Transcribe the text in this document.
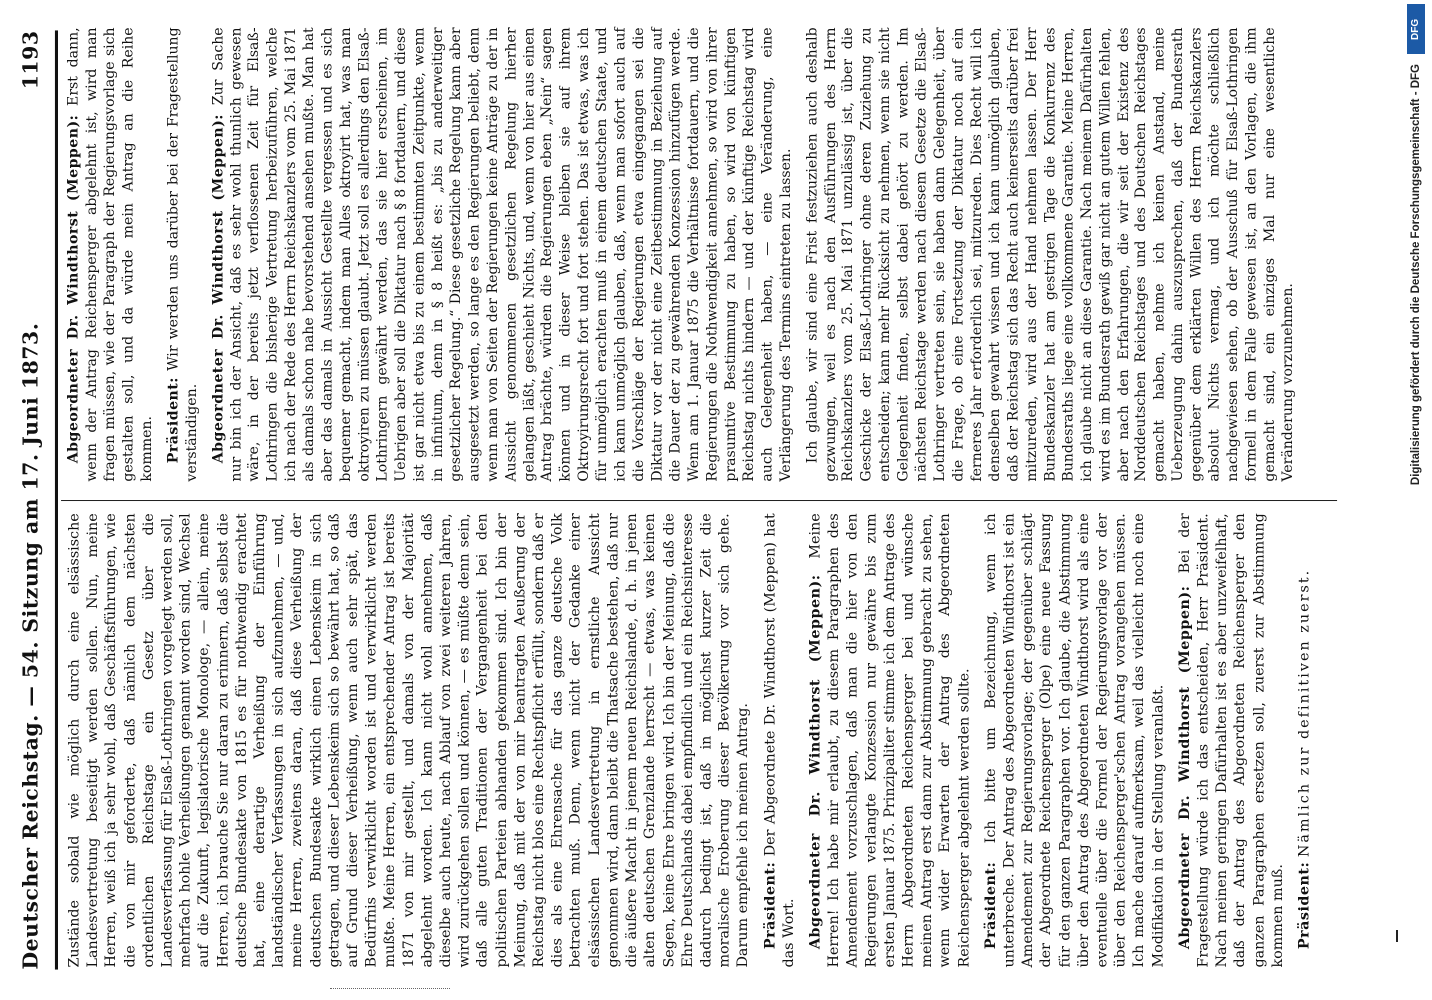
Deutscher Reichstag. — 54.
Sitzung am 17. Juni 1873.
1193

Zustände sobald wie möglich durch eine elsässische Landesvertretung beseitigt werden sollen. Nun, meine Herren, weiß ich ja sehr wohl, daß Geschäftsführungen, wie die von mir geforderte, daß nämlich dem nächsten ordentlichen Reichstage ein Gesetz über die Landesverfassung für Elsaß-Lothringen vorgelegt werden soll, mehrfach hohle Verheißungen genannt worden sind, Wechsel auf die Zukunft, legislatorische Monologe, — allein, meine Herren, ich brauche Sie nur daran zu erinnern, daß selbst die deutsche Bundesakte von 1815 es für nothwendig erachtet hat, eine derartige Verheißung der Einführung landständischer Verfassungen in sich aufzunehmen, — und, meine Herren, zweitens daran, daß diese Verheißung der deutschen Bundesakte wirklich einen Lebenskeim in sich getragen, und dieser Lebenskeim sich so bewährt hat, so daß auf Grund dieser Verheißung, wenn auch sehr spät, das Bedürfnis verwirklicht worden ist und verwirklicht werden mußte. Meine Herren, ein entsprechender Antrag ist bereits 1871 von mir gestellt, und damals von der Majorität abgelehnt worden. Ich kann nicht wohl annehmen, daß dieselbe auch heute, nach Ablauf von zwei weiteren Jahren, wird zurückgehen sollen und können, — es müßte denn sein, daß alle guten Traditionen der Vergangenheit bei den politischen Parteien abhanden gekommen sind. Ich bin der Meinung, daß mit der von mir beantragten Aeußerung der Reichstag nicht blos eine Rechtspflicht erfüllt, sondern daß er dies als eine Ehrensache für das ganze deutsche Volk betrachten muß. Denn, wenn nicht der Gedanke einer elsässischen Landesvertretung in ernstliche Aussicht genommen wird, dann bleibt die Thatsache bestehen, daß nur die äußere Macht in jenem neuen Reichslande, d. h. in jenen alten deutschen Grenzlande herrscht — etwas, was keinen Segen, keine Ehre bringen wird. Ich bin der Meinung, daß die Ehre Deutschlands dabei empfindlich und ein Reichsinteresse dadurch bedingt ist, daß in möglichst kurzer Zeit die moralische Eroberung dieser Bevölkerung vor sich gehe. Darum empfehle ich meinen Antrag. Präsident: Der Abgeordnete Dr. Windthorst (Meppen) hat das Wort. Abgeordneter Dr. Windthorst (Meppen): Meine Herren! Ich habe mir erlaubt, zu diesem Paragraphen des Amendement vorzuschlagen, daß man die hier von den Regierungen verlangte Konzession nur gewähre bis zum ersten Januar 1875. Prinzipaliter stimme ich dem Antrage des Herrn Abgeordneten Reichensperger bei und wünsche meinen Antrag erst dann zur Abstimmung gebracht zu sehen, wenn wider Erwarten der Antrag des Abgeordneten Reichensperger abgelehnt werden sollte. Präsident: Ich bitte um Bezeichnung, wenn ich unterbreche. Der Antrag des Abgeordneten Windthorst ist ein Amendement zur Regierungsvorlage; der gegenüber schlägt der Abgeordnete Reichensperger (Olpe) eine neue Fassung für den ganzen Paragraphen vor. Ich glaube, die Abstimmung über den Antrag des Abgeordneten Windthorst wird als eine eventuelle über die Formel der Regierungsvorlage vor der über den Reichensperger'schen Antrag vorangehen müssen. Ich mache darauf aufmerksam, weil das vielleicht noch eine Modifikation in der Stellung veranlaßt. Abgeordneter Dr. Windthorst (Meppen): Bei der Fragestellung würde ich das entscheiden, Herr Präsident. Nach meinen geringen Dafürhalten ist es aber unzweifelhaft, daß der Antrag des Abgeordneten Reichensperger den ganzen Paragraphen ersetzen soll, zuerst zur Abstimmung kommen muß. Präsident: Nämlich zur definitiven zuerst.

Abgeordneter Dr. Windthorst (Meppen): Erst dann, wenn der Antrag Reichensperger abgelehnt ist, wird man fragen müssen, wie der Paragraph der Regierungsvorlage sich gestalten soll, und da würde mein Antrag an die Reihe kommen. Präsident: Wir werden uns darüber bei der Fragestellung verständigen. Abgeordneter Dr. Windthorst (Meppen): Zur Sache nur bin ich der Ansicht, daß es sehr wohl thunlich gewesen wäre, in der bereits jetzt verflossenen Zeit für Elsaß-Lothringen die bisherige Vertretung herbeizuführen, welche ich nach der Rede des Herrn Reichskanzlers vom 25. Mai 1871 als damals schon nahe bevorstehend ansehen mußte. Man hat aber das damals in Aussicht Gestellte vergessen und es sich bequemer gemacht, indem man Alles oktroyirt hat, was man oktroyiren zu müssen glaubt. Jetzt soll es allerdings den Elsaß-Lothringern gewährt werden, das sie hier erscheinen, im Uebrigen aber soll die Diktatur nach § 8 fortdauern, und diese ist gar nicht etwa bis zu einem bestimmten Zeitpunkte, wenn in infinitum, denn in § 8 heißt es: „bis zu anderweitiger gesetzlicher Regelung.“ Diese gesetzliche Regelung kann aber ausgesetzt werden, so lange es den Regierungen beliebt, denn wenn man von Seiten der Regierungen keine Anträge zu der in Aussicht genommenen gesetzlichen Regelung hierher gelangen läßt, geschieht Nichts, und, wenn von hier aus einen Antrag brächte, würden die Regierungen eben „Nein“ sagen können und in dieser Weise bleiben sie auf ihrem Oktroyirungsrecht fort und fort stehen. Das ist etwas, was ich für unmöglich erachten muß in einem deutschen Staate, und ich kann unmöglich glauben, daß, wenn man sofort auch auf die Vorschläge der Regierungen etwa eingegangen sei die Diktatur vor der nicht eine Zeitbestimmung in Beziehung auf die Dauer der zu gewährenden Konzession hinzufügen werde. Wenn am 1. Januar 1875 die Verhältnisse fortdauern, und die Regierungen die Nothwendigkeit annehmen, so wird von ihrer prasumtive Bestimmung zu haben, so wird von künftigen Reichstag nichts hindern — und der künftige Reichstag wird auch Gelegenheit haben, — eine Veränderung, eine Verlängerung des Termins eintreten zu lassen. Ich glaube, wir sind eine Frist festzuziehen auch deshalb gezwungen, weil es nach den Ausführungen des Herrn Reichskanzlers vom 25. Mai 1871 unzulässig ist, über die Geschicke der Elsaß-Lothringer ohne deren Zuziehung zu entscheiden; kann mehr Rücksicht zu nehmen, wenn sie nicht Gelegenheit finden, selbst dabei gehört zu werden. Im nächsten Reichstage werden nach diesem Gesetze die Elsaß-Lothringer vertreten sein, sie haben dann Gelegenheit, über die Frage, ob eine Fortsetzung der Diktatur noch auf ein ferneres Jahr erforderlich sei, mitzureden. Dies Recht will ich denselben gewahrt wissen und ich kann unmöglich glauben, daß der Reichstag sich das Recht auch keinerseits darüber frei mitzureden, wird aus der Hand nehmen lassen. Der Herr Bundeskanzler hat am gestrigen Tage die Konkurrenz des Bundesraths liege eine vollkommene Garantie. Meine Herren, ich glaube nicht an diese Garantie. Nach meinem Dafürhalten wird es im Bundesrath gewiß gar nicht an gutem Willen fehlen, aber nach den Erfahrungen, die wir seit der Existenz des Norddeutschen Reichstages und des Deutschen Reichstages gemacht haben, nehme ich keinen Anstand, meine Ueberzeugung dahin auszusprechen, daß der Bundesrath gegenüber dem erklärten Willen des Herrn Reichskanzlers absolut Nichts vermag, und ich möchte schließlich nachgewiesen sehen, ob der Ausschuß für Elsaß-Lothringen formell in dem Falle gewesen ist, an den Vorlagen, die ihm gemacht sind, ein einziges Mal nur eine wesentliche Veränderung vorzunehmen.

DFG
Digitalisierung gefördert durch die Deutsche Forschungsgemeinschaft - DFG
